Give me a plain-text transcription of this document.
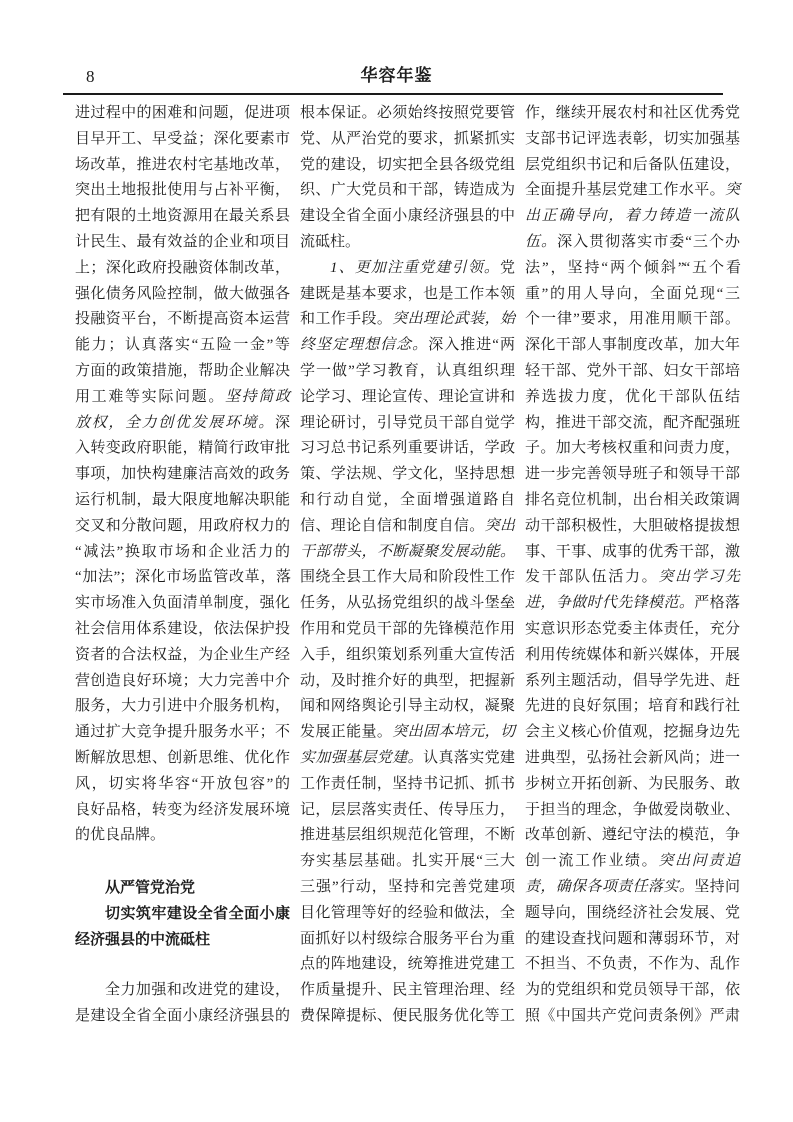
8	华容年鉴
进过程中的困难和问题，促进项
目早开工、早受益；深化要素市
场改革，推进农村宅基地改革，
突出土地报批使用与占补平衡，
把有限的土地资源用在最关系县
计民生、最有效益的企业和项目
上；深化政府投融资体制改革，
强化债务风险控制，做大做强各
投融资平台，不断提高资本运营
能力；认真落实“五险一金”等
方面的政策措施，帮助企业解决
用工难等实际问题。坚持简政
放权，全力创优发展环境。深
入转变政府职能，精简行政审批
事项，加快构建廉洁高效的政务
运行机制，最大限度地解决职能
交叉和分散问题，用政府权力的
“减法”换取市场和企业活力的
“加法”；深化市场监管改革，落
实市场准入负面清单制度，强化
社会信用体系建设，依法保护投
资者的合法权益，为企业生产经
营创造良好环境；大力完善中介
服务，大力引进中介服务机构，
通过扩大竞争提升服务水平；不
断解放思想、创新思维、优化作
风，切实将华容“开放包容”的
良好品格，转变为经济发展环境
的优良品牌。
从严管党治党
切实筑牢建设全省全面小康
经济强县的中流砥柱
全力加强和改进党的建设，
是建设全省全面小康经济强县的
根本保证。必须始终按照党要管
党、从严治党的要求，抓紧抓实
党的建设，切实把全县各级党组
织、广大党员和干部，铸造成为
建设全省全面小康经济强县的中
流砥柱。
1、更加注重党建引领。党
建既是基本要求，也是工作本领
和工作手段。突出理论武装，始
终坚定理想信念。深入推进“两
学一做”学习教育，认真组织理
论学习、理论宣传、理论宣讲和
理论研讨，引导党员干部自觉学
习习总书记系列重要讲话，学政
策、学法规、学文化，坚持思想
和行动自觉，全面增强道路自
信、理论自信和制度自信。突出
干部带头，不断凝聚发展动能。
围绕全县工作大局和阶段性工作
任务，从弘扬党组织的战斗堡垒
作用和党员干部的先锋模范作用
入手，组织策划系列重大宣传活
动，及时推介好的典型，把握新
闻和网络舆论引导主动权，凝聚
发展正能量。突出固本培元，切
实加强基层党建。认真落实党建
工作责任制，坚持书记抓、抓书
记，层层落实责任、传导压力，
推进基层组织规范化管理，不断
夯实基层基础。扎实开展“三大
三强”行动，坚持和完善党建项
目化管理等好的经验和做法，全
面抓好以村级综合服务平台为重
点的阵地建设，统筹推进党建工
作质量提升、民主管理治理、经
费保障提标、便民服务优化等工
作，继续开展农村和社区优秀党
支部书记评选表彰，切实加强基
层党组织书记和后备队伍建设，
全面提升基层党建工作水平。突
出正确导向，着力铸造一流队
伍。深入贯彻落实市委“三个办
法”，坚持“两个倾斜”“五个看
重”的用人导向，全面兑现“三
个一律”要求，用准用顺干部。
深化干部人事制度改革，加大年
轻干部、党外干部、妇女干部培
养选拔力度，优化干部队伍结
构，推进干部交流，配齐配强班
子。加大考核权重和问责力度，
进一步完善领导班子和领导干部
排名竞位机制，出台相关政策调
动干部积极性，大胆破格提拔想
事、干事、成事的优秀干部，激
发干部队伍活力。突出学习先
进，争做时代先锋模范。严格落
实意识形态党委主体责任，充分
利用传统媒体和新兴媒体，开展
系列主题活动，倡导学先进、赶
先进的良好氛围；培育和践行社
会主义核心价值观，挖掘身边先
进典型，弘扬社会新风尚；进一
步树立开拓创新、为民服务、敢
于担当的理念，争做爱岗敬业、
改革创新、遵纪守法的模范，争
创一流工作业绩。突出问责追
责，确保各项责任落实。坚持问
题导向，围绕经济社会发展、党
的建设查找问题和薄弱环节，对
不担当、不负责，不作为、乱作
为的党组织和党员领导干部，依
照《中国共产党问责条例》严肃
